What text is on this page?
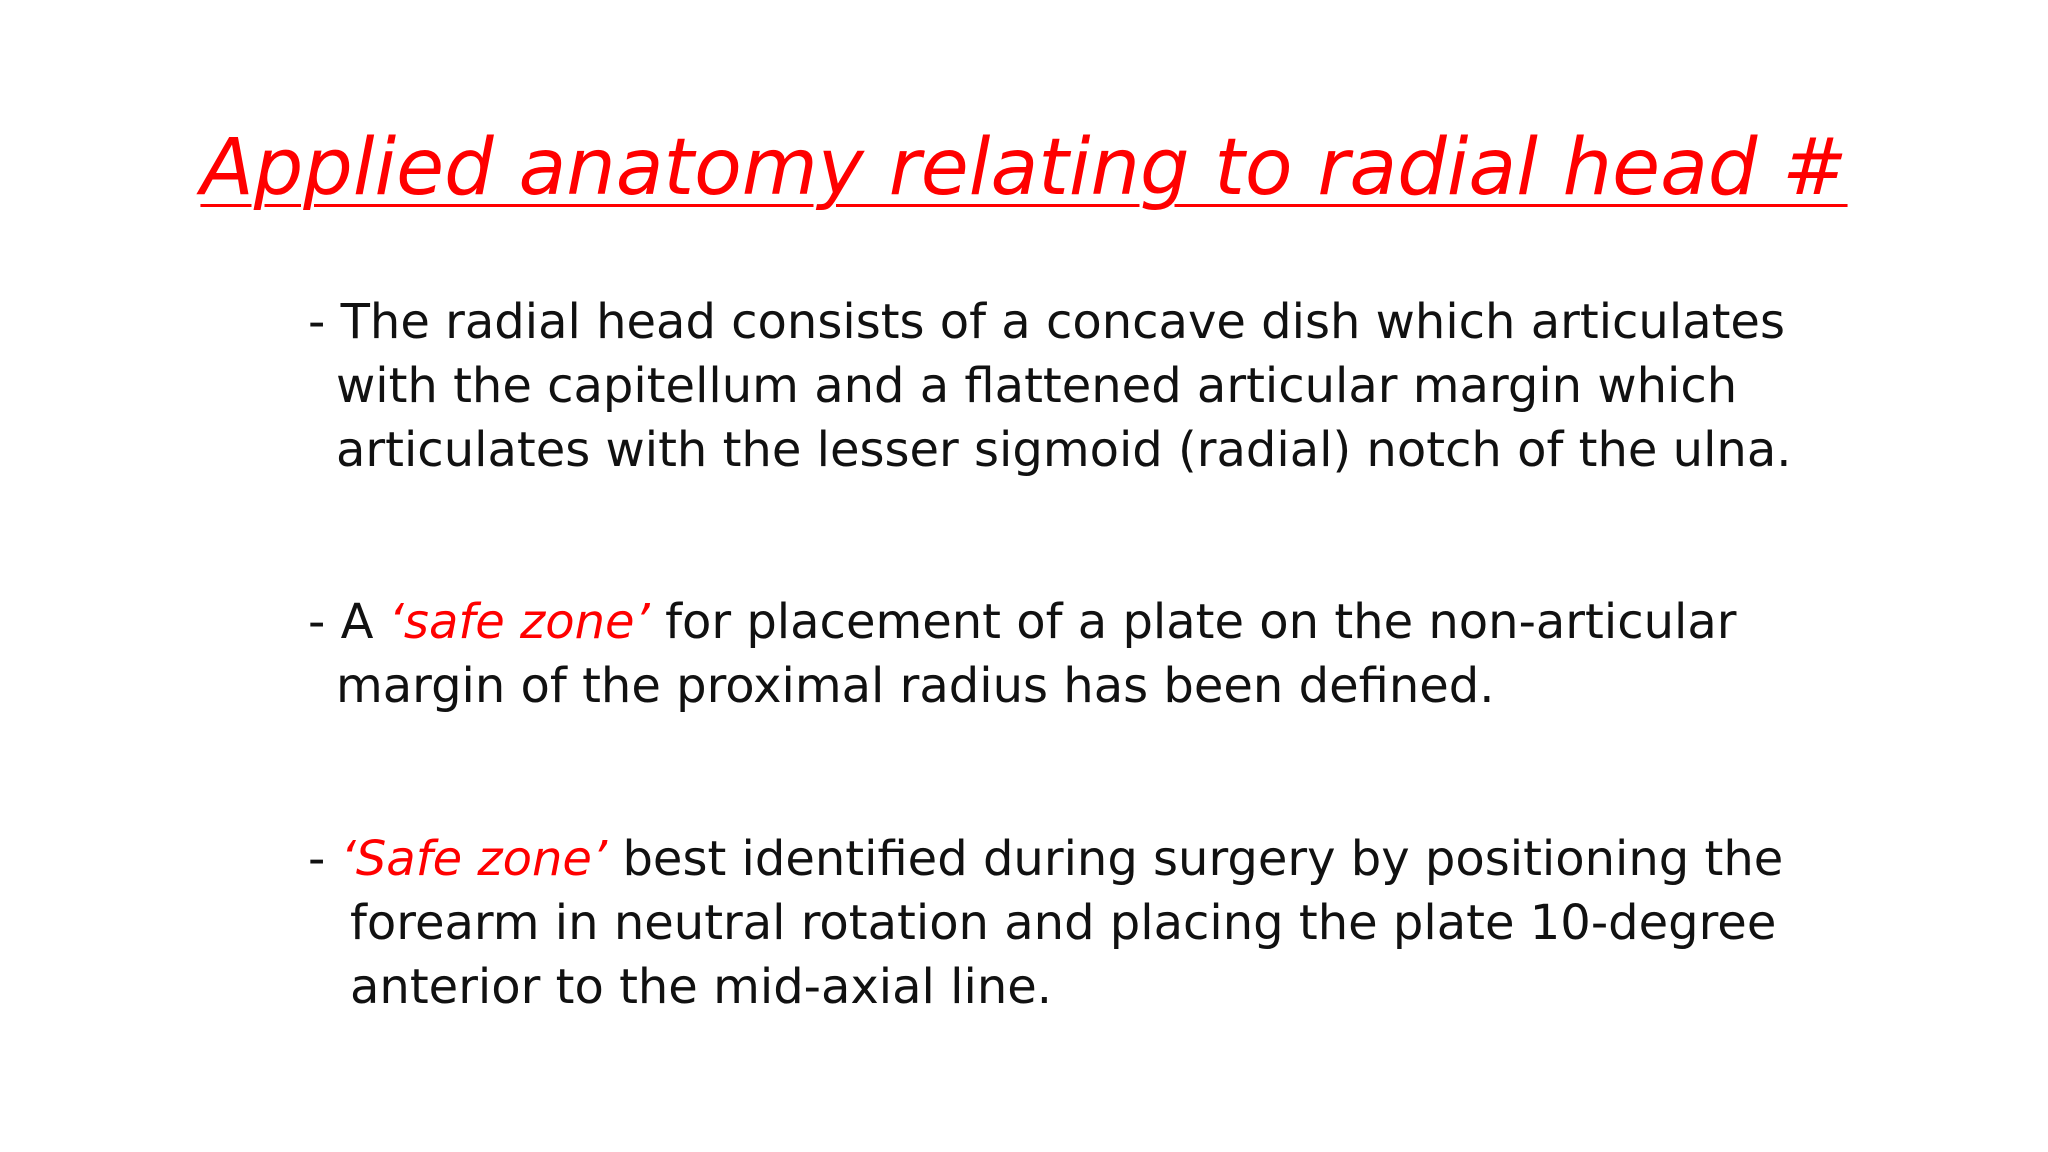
Applied anatomy relating to radial head #
- The radial head consists of a concave dish which articulates
with the capitellum and a flattened articular margin which
articulates with the lesser sigmoid (radial) notch of the ulna.
- A ‘safe zone’ for placement of a plate on the non-articular
margin of the proximal radius has been defined.
- ‘Safe zone’ best identified during surgery by positioning the
forearm in neutral rotation and placing the plate 10-degree
anterior to the mid-axial line.
